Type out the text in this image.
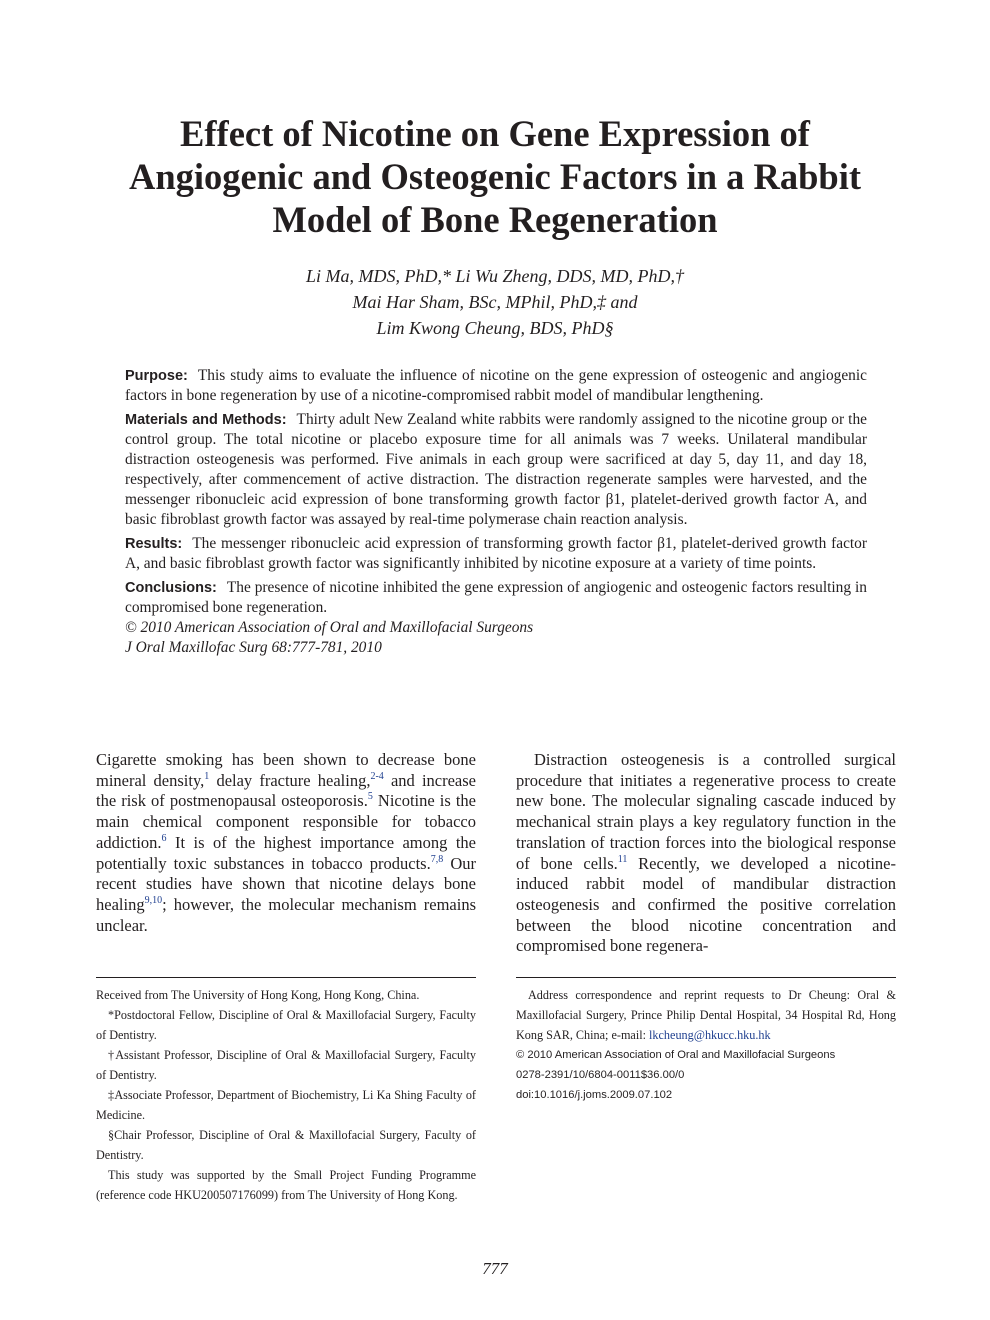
Effect of Nicotine on Gene Expression of Angiogenic and Osteogenic Factors in a Rabbit Model of Bone Regeneration
Li Ma, MDS, PhD,* Li Wu Zheng, DDS, MD, PhD,†
Mai Har Sham, BSc, MPhil, PhD,‡ and
Lim Kwong Cheung, BDS, PhD§

Purpose: This study aims to evaluate the influence of nicotine on the gene expression of osteogenic and angiogenic factors in bone regeneration by use of a nicotine-compromised rabbit model of mandibular lengthening.

Materials and Methods: Thirty adult New Zealand white rabbits were randomly assigned to the nicotine group or the control group. The total nicotine or placebo exposure time for all animals was 7 weeks. Unilateral mandibular distraction osteogenesis was performed. Five animals in each group were sacrificed at day 5, day 11, and day 18, respectively, after commencement of active distraction. The distraction regenerate samples were harvested, and the messenger ribonucleic acid expression of bone transforming growth factor β1, platelet-derived growth factor A, and basic fibroblast growth factor was assayed by real-time polymerase chain reaction analysis.

Results: The messenger ribonucleic acid expression of transforming growth factor β1, platelet-derived growth factor A, and basic fibroblast growth factor was significantly inhibited by nicotine exposure at a variety of time points.

Conclusions: The presence of nicotine inhibited the gene expression of angiogenic and osteogenic factors resulting in compromised bone regeneration.

© 2010 American Association of Oral and Maxillofacial Surgeons

J Oral Maxillofac Surg 68:777-781, 2010

Cigarette smoking has been shown to decrease bone mineral density,$^1$ delay fracture healing,$^{2-4}$ and increase the risk of postmenopausal osteoporosis.$^5$ Nicotine is the main chemical component responsible for tobacco addiction.$^6$ It is of the highest importance among the potentially toxic substances in tobacco products.$^{7,8}$ Our recent studies have shown that nicotine delays bone healing$^{9,10}$; however, the molecular mechanism remains unclear.

Distraction osteogenesis is a controlled surgical procedure that initiates a regenerative process to create new bone. The molecular signaling cascade induced by mechanical strain plays a key regulatory function in the translation of traction forces into the biological response of bone cells.$^{11}$ Recently, we developed a nicotine-induced rabbit model of mandibular distraction osteogenesis and confirmed the positive correlation between the blood nicotine concentration and compromised bone regenera-

Received from The University of Hong Kong, Hong Kong, China.

*Postdoctoral Fellow, Discipline of Oral & Maxillofacial Surgery, Faculty of Dentistry.

†Assistant Professor, Discipline of Oral & Maxillofacial Surgery, Faculty of Dentistry.

‡Associate Professor, Department of Biochemistry, Li Ka Shing Faculty of Medicine.

§Chair Professor, Discipline of Oral & Maxillofacial Surgery, Faculty of Dentistry.

This study was supported by the Small Project Funding Programme (reference code HKU200507176099) from The University of Hong Kong.

Address correspondence and reprint requests to Dr Cheung: Oral & Maxillofacial Surgery, Prince Philip Dental Hospital, 34 Hospital Rd, Hong Kong SAR, China; e-mail: lkcheung@hkucc.hku.hk

© 2010 American Association of Oral and Maxillofacial Surgeons

0278-2391/10/6804-0011$36.00/0

doi:10.1016/j.joms.2009.07.102

777
